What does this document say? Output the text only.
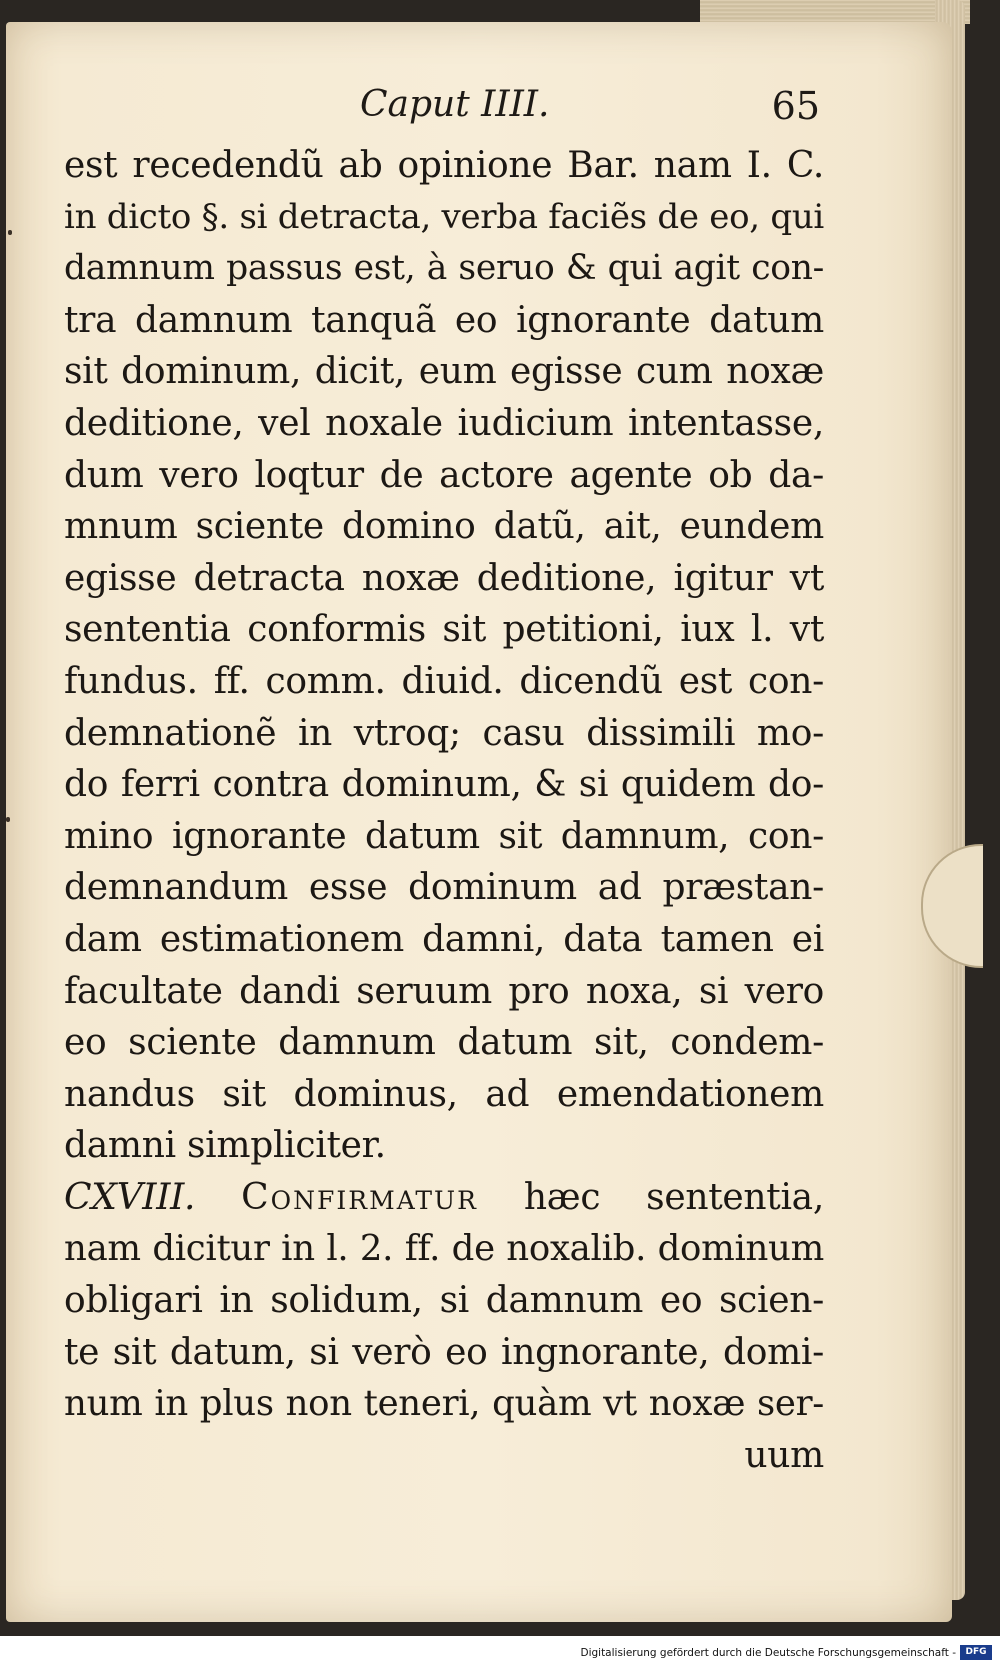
Caput IIII.	65
est recedendũ ab opinione Bar. nam I. C.
in dicto §. si detracta, verba faciẽs de eo, qui
damnum passus est, à seruo & qui agit con-
tra damnum tanquã eo ignorante datum
sit dominum, dicit, eum egisse cum noxæ
deditione, vel noxale iudicium intentasse,
dum vero loqtur de actore agente ob da-
mnum sciente domino datũ, ait, eundem
egisse detracta noxæ deditione, igitur vt
sententia conformis sit petitioni, iux l. vt
fundus. ff. comm. diuid. dicendũ est con-
demnationẽ in vtroq; casu dissimili mo-
do ferri contra dominum, & si quidem do-
mino ignorante datum sit damnum, con-
demnandum esse dominum ad præstan-
dam estimationem damni, data tamen ei
facultate dandi seruum pro noxa, si vero
eo sciente damnum datum sit, condem-
nandus sit dominus, ad emendationem
damni simpliciter.
CXVIII. Confirmatur hæc sententia,
nam dicitur in l. 2. ff. de noxalib. dominum
obligari in solidum, si damnum eo scien-
te sit datum, si verò eo ingnorante, domi-
num in plus non teneri, quàm vt noxæ ser-
uum
Digitalisierung gefördert durch die Deutsche Forschungsgemeinschaft -	DFG
